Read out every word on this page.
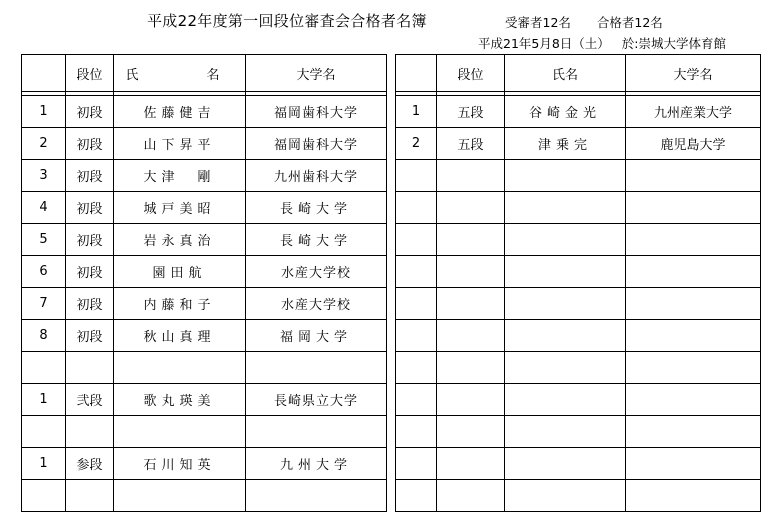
平成22年度第一回段位審査会合格者名簿	受審者12名 合格者12名
平成21年5月8日（土） 於:崇城大学体育館
	段位	氏　　名	大学名			段位	氏名	大学名

1	初段	佐藤健吉	福岡歯科大学		1	五段	谷崎金光	九州産業大学
2	初段	山下昇平	福岡歯科大学		2	五段	津乗完	鹿児島大学
3	初段	大津　剛	九州歯科大学					
4	初段	城戸美昭	長崎大学					
5	初段	岩永真治	長崎大学					
6	初段	園田航	水産大学校					
7	初段	内藤和子	水産大学校					
8	初段	秋山真理	福岡大学					

1	弐段	歌丸瑛美	長崎県立大学					

1	参段	石川知英	九州大学					
